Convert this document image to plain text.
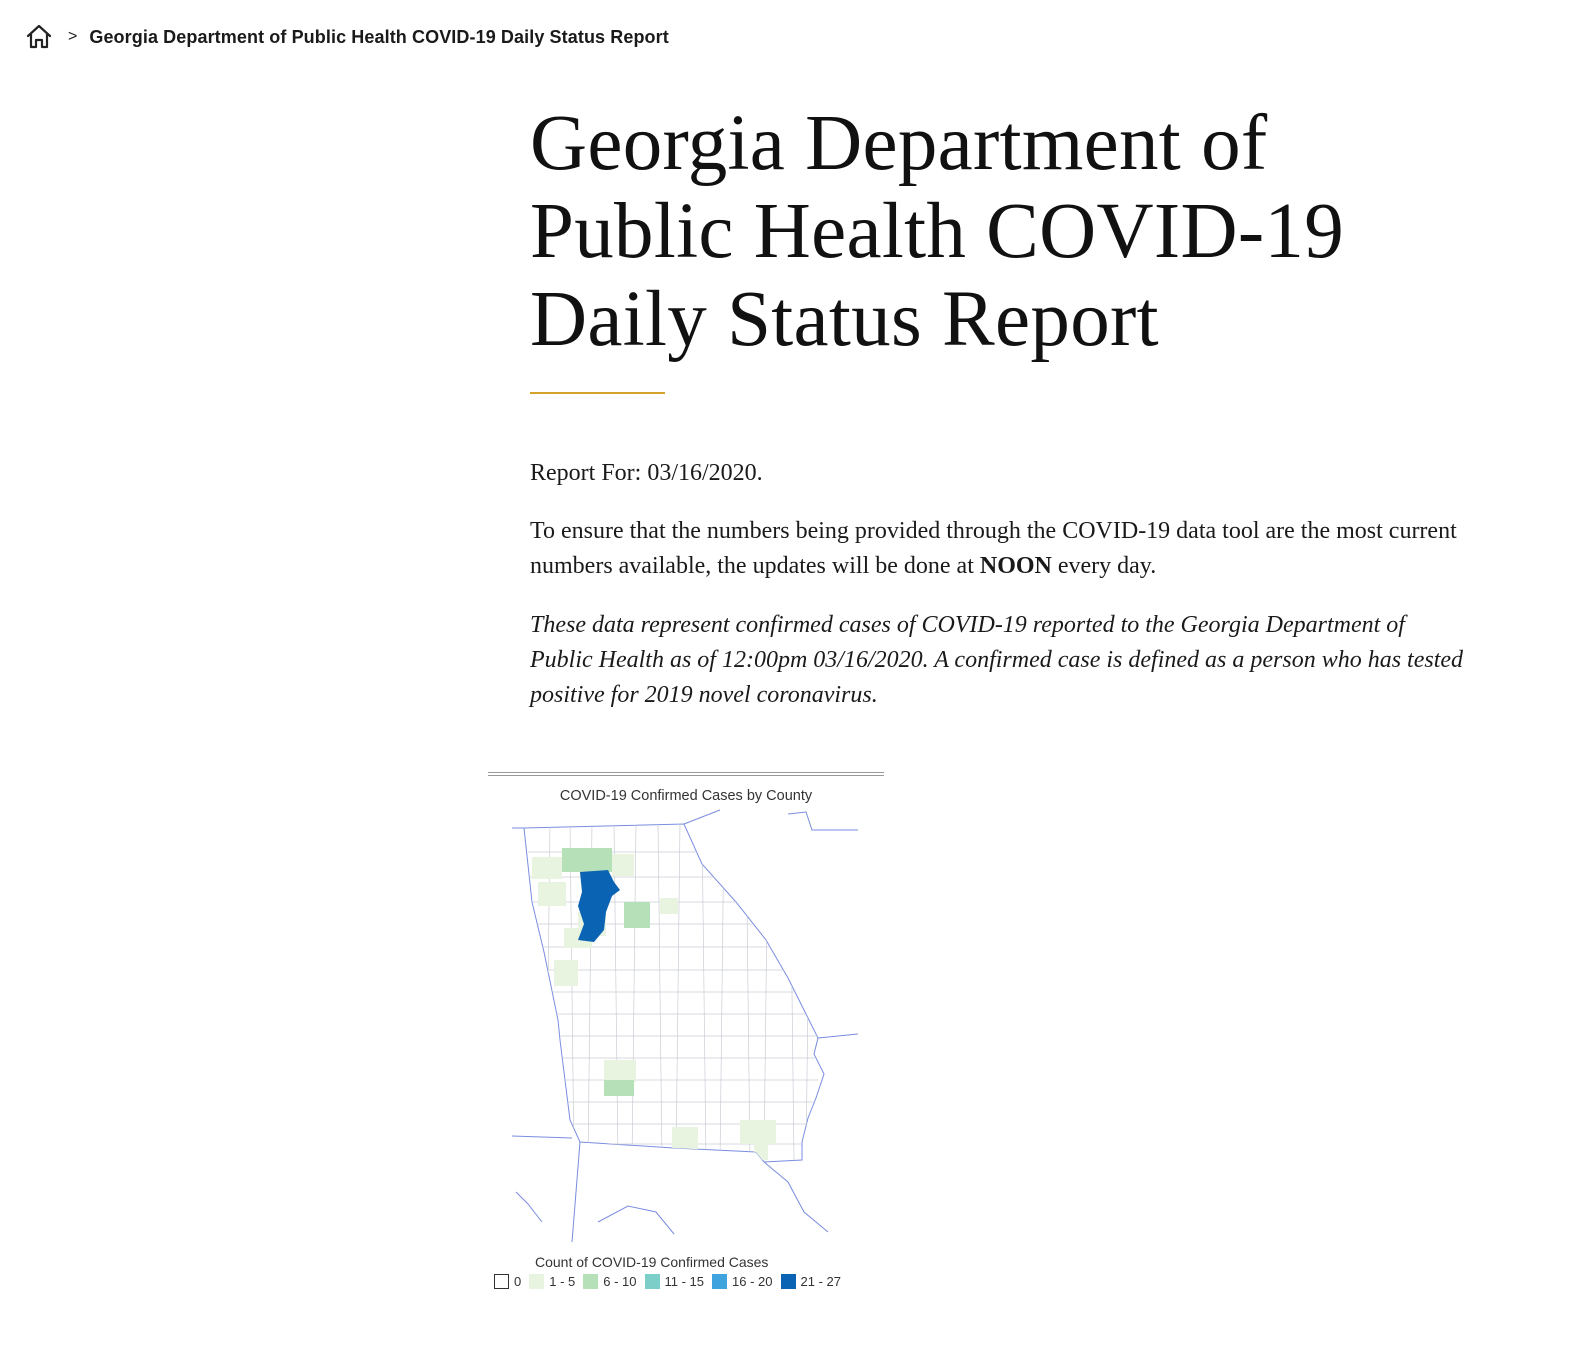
> Georgia Department of Public Health COVID-19 Daily Status Report
Georgia Department of Public Health COVID-19 Daily Status Report

Report For: 03/16/2020.

To ensure that the numbers being provided through the COVID-19 data tool are the most current numbers available, the updates will be done at NOON every day.

These data represent confirmed cases of COVID-19 reported to the Georgia Department of Public Health as of 12:00pm 03/16/2020. A confirmed case is defined as a person who has tested positive for 2019 novel coronavirus.

COVID-19 Confirmed Cases by County
Count of COVID-19 Confirmed Cases
0 1 - 5 6 - 10 11 - 15 16 - 20 21 - 27
